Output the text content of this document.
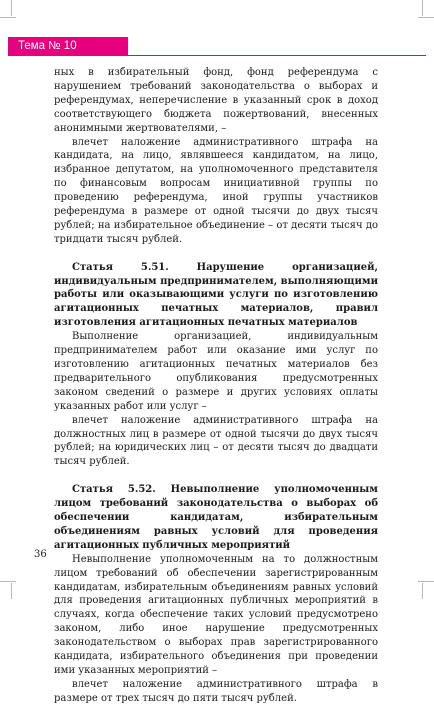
Тема № 10

ных в избирательный фонд, фонд референдума с нарушением требований законодательства о выборах и референдумах, неперечисление в указанный срок в доход соответствующего бюджета пожертвований, внесенных анонимными жертвователями, –

влечет наложение административного штрафа на кандидата, на лицо, являвшееся кандидатом, на лицо, избранное депутатом, на уполномоченного представителя по финансовым вопросам инициативной группы по проведению референдума, иной группы участников референдума в размере от одной тысячи до двух тысяч рублей; на избирательное объединение – от десяти тысяч до тридцати тысяч рублей.

Статья 5.51. Нарушение организацией, индивидуальным предпринимателем, выполняющими работы или оказывающими услуги по изготовлению агитационных печатных материалов, правил изготовления агитационных печатных материалов

Выполнение организацией, индивидуальным предпринимателем работ или оказание ими услуг по изготовлению агитационных печатных материалов без предварительного опубликования предусмотренных законом сведений о размере и других условиях оплаты указанных работ или услуг –

влечет наложение административного штрафа на должностных лиц в размере от одной тысячи до двух тысяч рублей; на юридических лиц – от десяти тысяч до двадцати тысяч рублей.

Статья 5.52. Невыполнение уполномоченным лицом требований законодательства о выборах об обеспечении кандидатам, избирательным объединениям равных условий для проведения агитационных публичных мероприятий

Невыполнение уполномоченным на то должностным лицом требований об обеспечении зарегистрированным кандидатам, избирательным объединениям равных условий для проведения агитационных публичных мероприятий в случаях, когда обеспечение таких условий предусмотрено законом, либо иное нарушение предусмотренных законодательством о выборах прав зарегистрированного кандидата, избирательного объединения при проведении ими указанных мероприятий –

влечет наложение административного штрафа в размере от трех тысяч до пяти тысяч рублей.

36
